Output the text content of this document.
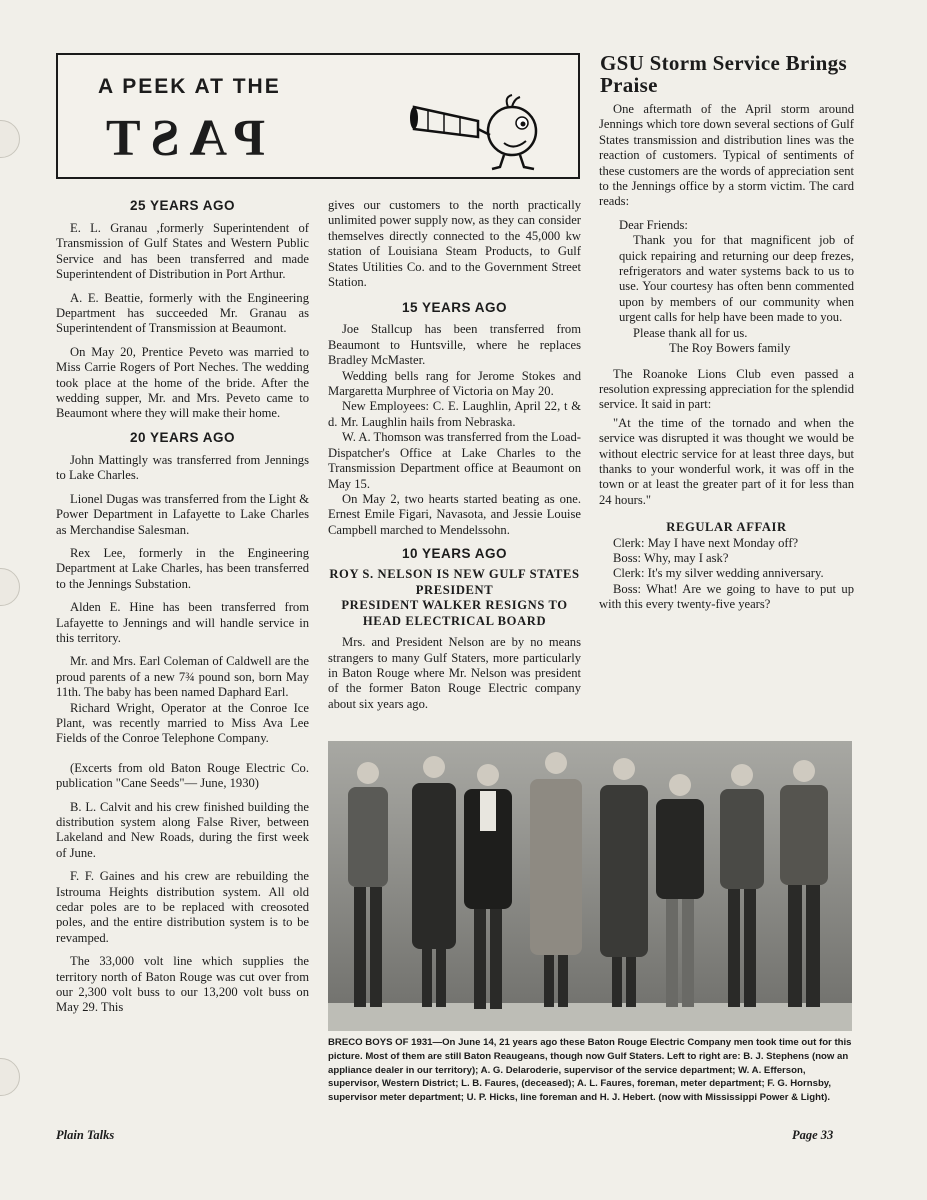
A PEEK AT THE
PAST

25 YEARS AGO

E. L. Granau ,formerly Superintendent of Transmission of Gulf States and Western Public Service and has been transferred and made Superintendent of Distribution in Port Arthur.

A. E. Beattie, formerly with the Engineering Department has succeeded Mr. Granau as Superintendent of Transmission at Beaumont.

On May 20, Prentice Peveto was married to Miss Carrie Rogers of Port Neches. The wedding took place at the home of the bride. After the wedding supper, Mr. and Mrs. Peveto came to Beaumont where they will make their home.

20 YEARS AGO

John Mattingly was transferred from Jennings to Lake Charles.

Lionel Dugas was transferred from the Light & Power Department in Lafayette to Lake Charles as Merchandise Salesman.

Rex Lee, formerly in the Engineering Department at Lake Charles, has been transferred to the Jennings Substation.

Alden E. Hine has been transferred from Lafayette to Jennings and will handle service in this territory.

Mr. and Mrs. Earl Coleman of Caldwell are the proud parents of a new 7¾ pound son, born May 11th. The baby has been named Daphard Earl.

Richard Wright, Operator at the Conroe Ice Plant, was recently married to Miss Ava Lee Fields of the Conroe Telephone Company.

(Excerts from old Baton Rouge Electric Co. publication "Cane Seeds"— June, 1930)

B. L. Calvit and his crew finished building the distribution system along False River, between Lakeland and New Roads, during the first week of June.

F. F. Gaines and his crew are rebuilding the Istrouma Heights distribution system. All old cedar poles are to be replaced with creosoted poles, and the entire distribution system is to be revamped.

The 33,000 volt line which supplies the territory north of Baton Rouge was cut over from our 2,300 volt buss to our 13,200 volt buss on May 29. This

gives our customers to the north practically unlimited power supply now, as they can consider themselves directly connected to the 45,000 kw station of Louisiana Steam Products, to Gulf States Utilities Co. and to the Government Street Station.

15 YEARS AGO

Joe Stallcup has been transferred from Beaumont to Huntsville, where he replaces Bradley McMaster.

Wedding bells rang for Jerome Stokes and Margaretta Murphree of Victoria on May 20.

New Employees: C. E. Laughlin, April 22, t & d. Mr. Laughlin hails from Nebraska.

W. A. Thomson was transferred from the Load-Dispatcher's Office at Lake Charles to the Transmission Department office at Beaumont on May 15.

On May 2, two hearts started beating as one. Ernest Emile Figari, Navasota, and Jessie Louise Campbell marched to Mendelssohn.

10 YEARS AGO

ROY S. NELSON IS NEW GULF STATES PRESIDENT

PRESIDENT WALKER RESIGNS TO HEAD ELECTRICAL BOARD

Mrs. and President Nelson are by no means strangers to many Gulf Staters, more particularly in Baton Rouge where Mr. Nelson was president of the former Baton Rouge Electric company about six years ago.

GSU Storm Service Brings Praise

One aftermath of the April storm around Jennings which tore down several sections of Gulf States transmission and distribution lines was the reaction of customers. Typical of sentiments of these customers are the words of appreciation sent to the Jennings office by a storm victim. The card reads:

Dear Friends:

Thank you for that magnificent job of quick repairing and returning our deep frezes, refrigerators and water systems back to us to use. Your courtesy has often benn commented upon by members of our community when urgent calls for help have been made to you.

Please thank all for us.

The Roy Bowers family

The Roanoke Lions Club even passed a resolution expressing appreciation for the splendid service. It said in part:

"At the time of the tornado and when the service was disrupted it was thought we would be without electric service for at least three days, but thanks to your wonderful work, it was off in the town or at least the greater part of it for less than 24 hours."

REGULAR AFFAIR

Clerk: May I have next Monday off?

Boss: Why, may I ask?

Clerk: It's my silver wedding anniversary.

Boss: What! Are we going to have to put up with this every twenty-five years?

BRECO BOYS OF 1931—On June 14, 21 years ago these Baton Rouge Electric Company men took time out for this picture. Most of them are still Baton Reaugeans, though now Gulf Staters. Left to right are: B. J. Stephens (now an appliance dealer in our territory); A. G. Delaroderie, supervisor of the service department; W. A. Efferson, supervisor, Western District; L. B. Faures, (deceased); A. L. Faures, foreman, meter department; F. G. Hornsby, supervisor meter department; U. P. Hicks, line foreman and H. J. Hebert. (now with Mississippi Power & Light).

Plain Talks	Page 33
